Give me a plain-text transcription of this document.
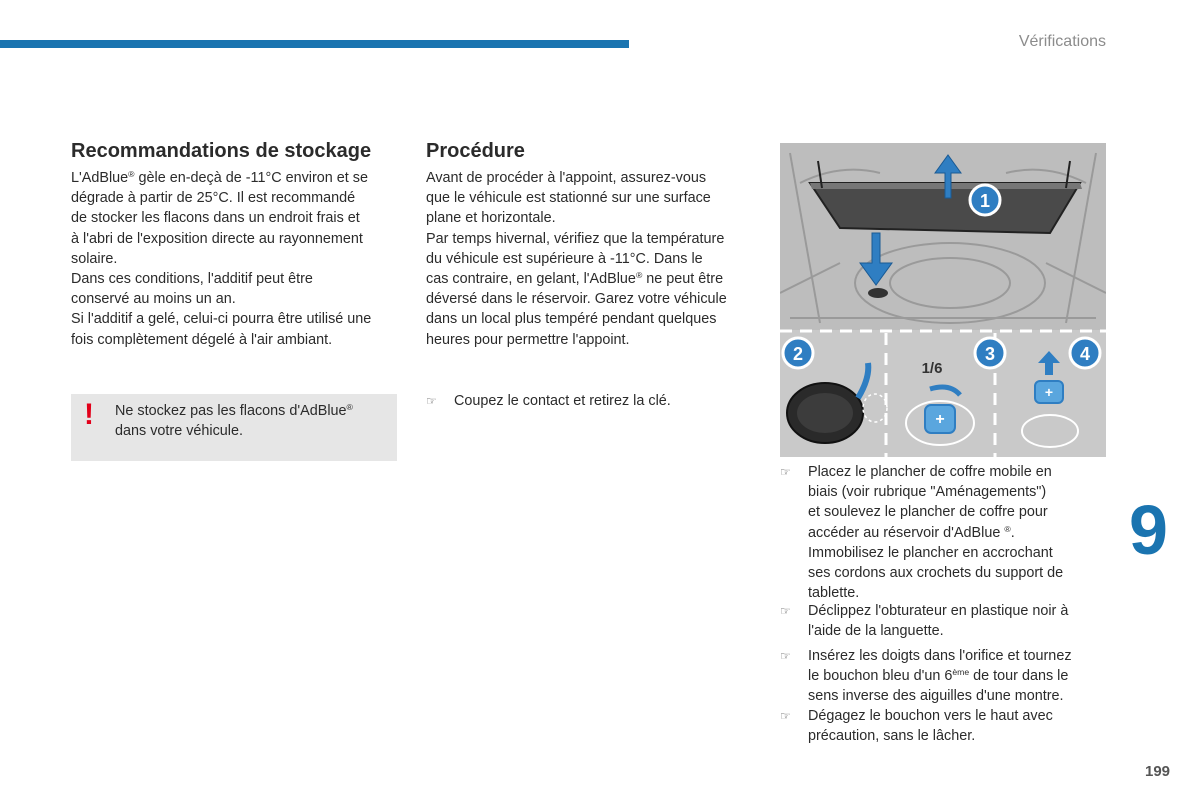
Vérifications
Recommandations de stockage

L'AdBlue® gèle en-deçà de -11°C environ et se

dégrade à partir de 25°C. Il est recommandé

de stocker les flacons dans un endroit frais et

à l'abri de l'exposition directe au rayonnement

solaire.

Dans ces conditions, l'additif peut être

conservé au moins un an.

Si l'additif a gelé, celui-ci pourra être utilisé une

fois complètement dégelé à l'air ambiant.

! Ne stockez pas les flacons d'AdBlue®

dans votre véhicule.

Procédure

Avant de procéder à l'appoint, assurez-vous

que le véhicule est stationné sur une surface

plane et horizontale.

Par temps hivernal, vérifiez que la température

du véhicule est supérieure à -11°C. Dans le

cas contraire, en gelant, l'AdBlue® ne peut être

déversé dans le réservoir. Garez votre véhicule

dans un local plus tempéré pendant quelques

heures pour permettre l'appoint.

☞ Coupez le contact et retirez la clé.
1
2	3	4
1/6
+
+
☞ Placez le plancher de coffre mobile en
biais (voir rubrique "Aménagements")
et soulevez le plancher de coffre pour
accéder au réservoir d'AdBlue ®.
Immobilisez le plancher en accrochant
ses cordons aux crochets du support de
tablette.
☞ Déclippez l'obturateur en plastique noir à
l'aide de la languette.
☞ Insérez les doigts dans l'orifice et tournez
le bouchon bleu d'un 6ème de tour dans le
sens inverse des aiguilles d'une montre.
☞ Dégagez le bouchon vers le haut avec
précaution, sans le lâcher.
9
199
